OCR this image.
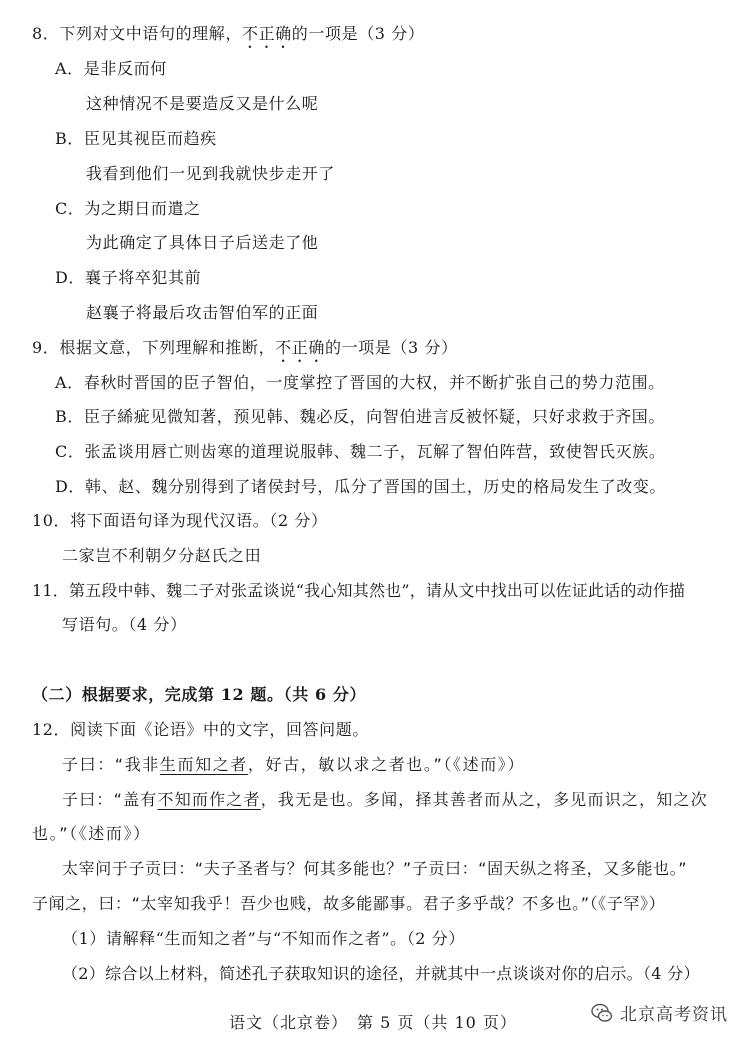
8．下列对文中语句的理解，不正确的一项是（3 分）
A．是非反而何
这种情况不是要造反又是什么呢
B．臣见其视臣而趋疾
我看到他们一见到我就快步走开了
C．为之期日而遣之
为此确定了具体日子后送走了他
D．襄子将卒犯其前
赵襄子将最后攻击智伯军的正面
9．根据文意，下列理解和推断，不正确的一项是（3 分）
A．春秋时晋国的臣子智伯，一度掌控了晋国的大权，并不断扩张自己的势力范围。
B．臣子絺疵见微知著，预见韩、魏必反，向智伯进言反被怀疑，只好求救于齐国。
C．张孟谈用唇亡则齿寒的道理说服韩、魏二子，瓦解了智伯阵营，致使智氏灭族。
D．韩、赵、魏分别得到了诸侯封号，瓜分了晋国的国土，历史的格局发生了改变。
10．将下面语句译为现代汉语。（2 分）
二家岂不利朝夕分赵氏之田
11．第五段中韩、魏二子对张孟谈说“我心知其然也”，请从文中找出可以佐证此话的动作描
写语句。（4 分）
（二）根据要求，完成第 12 题。（共 6 分）
12．阅读下面《论语》中的文字，回答问题。
子曰：“我非生而知之者，好古，敏以求之者也。”（《述而》）
子曰：“盖有不知而作之者，我无是也。多闻，择其善者而从之，多见而识之，知之次
也。”（《述而》）
太宰问于子贡曰：“夫子圣者与？何其多能也？”子贡曰：“固天纵之将圣，又多能也。”
子闻之，曰：“太宰知我乎！吾少也贱，故多能鄙事。君子多乎哉？不多也。”（《子罕》）
（1）请解释“生而知之者”与“不知而作之者”。（2 分）
（2）综合以上材料，简述孔子获取知识的途径，并就其中一点谈谈对你的启示。（4 分）
语文（北京卷）　第 5 页（共 10 页）	北京高考资讯
